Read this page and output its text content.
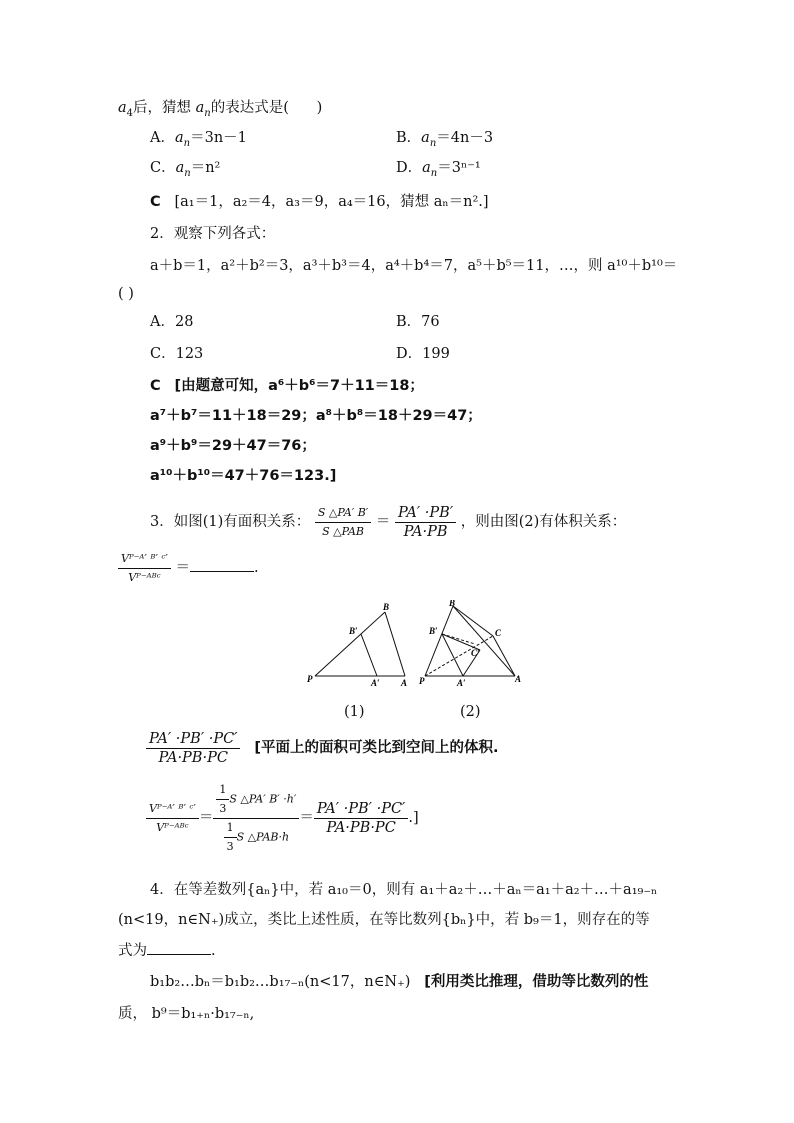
$a_4$后，猜想 $a_n$的表达式是( )
A．$a_n=3n-1$	B．$a_n=4n-3$
C．$a_n=n^2$	D．$a_n=3^{n-1}$
C [a₁＝1，a₂＝4，a₃＝9，a₄＝16，猜想 aₙ＝n².]
2．观察下列各式：
a＋b＝1，a²＋b²＝3，a³＋b³＝4，a⁴＋b⁴＝7，a⁵＋b⁵＝11，…，则 a¹⁰＋b¹⁰＝
( )
A．28	B．76
C．123	D．199
C [由题意可知，a⁶＋b⁶＝7＋11＝18；
a⁷＋b⁷＝11＋18＝29；a⁸＋b⁸＝18＋29＝47；
a⁹＋b⁹＝29＋47＝76；
a¹⁰＋b¹⁰＝47＋76＝123.]
3．如图(1)有面积关系： $\frac{S \triangle PA' B'}{\text{S △PAB}} = \frac{PA' \cdot PB'}{PA\cdot PB}$ ，则由图(2)有体积关系：
$\frac{\text{Vᴾ⁻ᴬ′ ᴮ′ ᶜ′}}{\text{Vᴾ⁻ᴬᴮᶜ}}$ ＝	.
B
B′
P	A′ A
B
B′	C
C′
P	A′	A
(1)	(2)
$\frac{PA' \cdot PB' \cdot PC'}{PA\cdot PB\cdot PC}$ [平面上的面积可类比到空间上的体积.
$\frac{\text{Vᴾ⁻ᴬ′ ᴮ′ ᶜ′}}{\text{Vᴾ⁻ᴬᴮᶜ}} = \frac{\frac{1}{3} S \triangle PA' B' \cdot h'}{\frac{1}{3} S \triangle PAB\cdot h} = \frac{PA' \cdot PB' \cdot PC'}{PA\cdot PB\cdot PC}$ .]
4．在等差数列{aₙ}中，若 a₁₀＝0，则有 a₁＋a₂＋…＋aₙ＝a₁＋a₂＋…＋a₁₉₋ₙ
(n<19，n∈N₊)成立，类比上述性质，在等比数列{bₙ}中，若 b₉＝1，则存在的等
式为	.
b₁b₂…bₙ＝b₁b₂…b₁₇₋ₙ(n<17，n∈N₊) [利用类比推理，借助等比数列的性
质， b⁹＝b₁₊ₙ·b₁₇₋ₙ,
